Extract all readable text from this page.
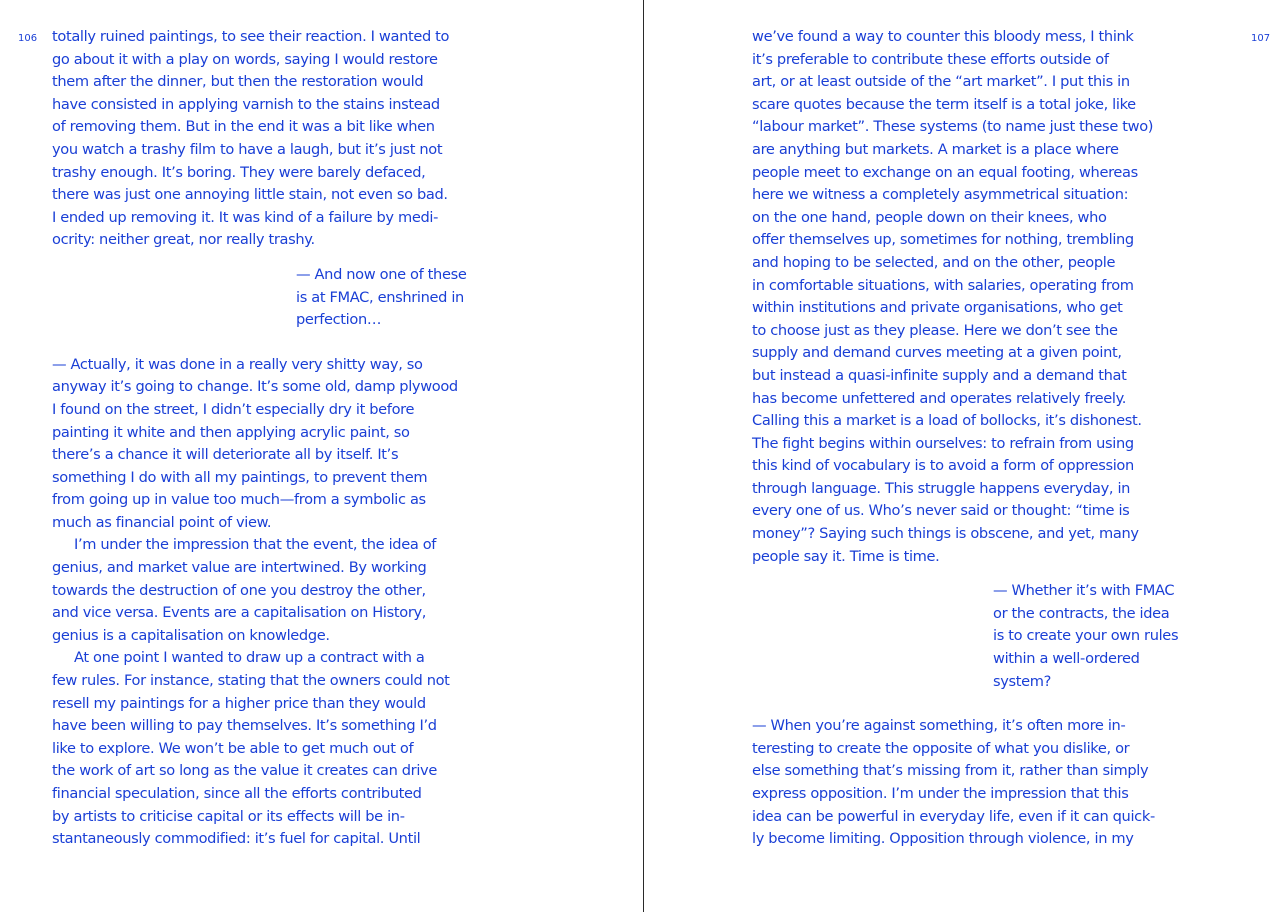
106	107

totally ruined paintings, to see their reaction. I wanted to

go about it with a play on words, saying I would restore

them after the dinner, but then the restoration would

have consisted in applying varnish to the stains instead

of removing them. But in the end it was a bit like when

you watch a trashy film to have a laugh, but it’s just not

trashy enough. It’s boring. They were barely defaced,

there was just one annoying little stain, not even so bad.

I ended up removing it. It was kind of a failure by medi-

ocrity: neither great, nor really trashy.

— And now one of these
is at FMAC, enshrined in
perfection…

— Actually, it was done in a really very shitty way, so

anyway it’s going to change. It’s some old, damp plywood

I found on the street, I didn’t especially dry it before

painting it white and then applying acrylic paint, so

there’s a chance it will deteriorate all by itself. It’s

something I do with all my paintings, to prevent them

from going up in value too much—from a symbolic as

much as financial point of view.

I’m under the impression that the event, the idea of

genius, and market value are intertwined. By working

towards the destruction of one you destroy the other,

and vice versa. Events are a capitalisation on History,

genius is a capitalisation on knowledge.

At one point I wanted to draw up a contract with a

few rules. For instance, stating that the owners could not

resell my paintings for a higher price than they would

have been willing to pay themselves. It’s something I’d

like to explore. We won’t be able to get much out of

the work of art so long as the value it creates can drive

financial speculation, since all the efforts contributed

by artists to criticise capital or its effects will be in-

stantaneously commodified: it’s fuel for capital. Until

we’ve found a way to counter this bloody mess, I think

it’s preferable to contribute these efforts outside of

art, or at least outside of the “art market”. I put this in

scare quotes because the term itself is a total joke, like

“labour market”. These systems (to name just these two)

are anything but markets. A market is a place where

people meet to exchange on an equal footing, whereas

here we witness a completely asymmetrical situation:

on the one hand, people down on their knees, who

offer themselves up, sometimes for nothing, trembling

and hoping to be selected, and on the other, people

in comfortable situations, with salaries, operating from

within institutions and private organisations, who get

to choose just as they please. Here we don’t see the

supply and demand curves meeting at a given point,

but instead a quasi-infinite supply and a demand that

has become unfettered and operates relatively freely.

Calling this a market is a load of bollocks, it’s dishonest.

The fight begins within ourselves: to refrain from using

this kind of vocabulary is to avoid a form of oppression

through language. This struggle happens everyday, in

every one of us. Who’s never said or thought: “time is

money”? Saying such things is obscene, and yet, many

people say it. Time is time.

— Whether it’s with FMAC
or the contracts, the idea
is to create your own rules
within a well-ordered
system?

— When you’re against something, it’s often more in-

teresting to create the opposite of what you dislike, or

else something that’s missing from it, rather than simply

express opposition. I’m under the impression that this

idea can be powerful in everyday life, even if it can quick-

ly become limiting. Opposition through violence, in my
